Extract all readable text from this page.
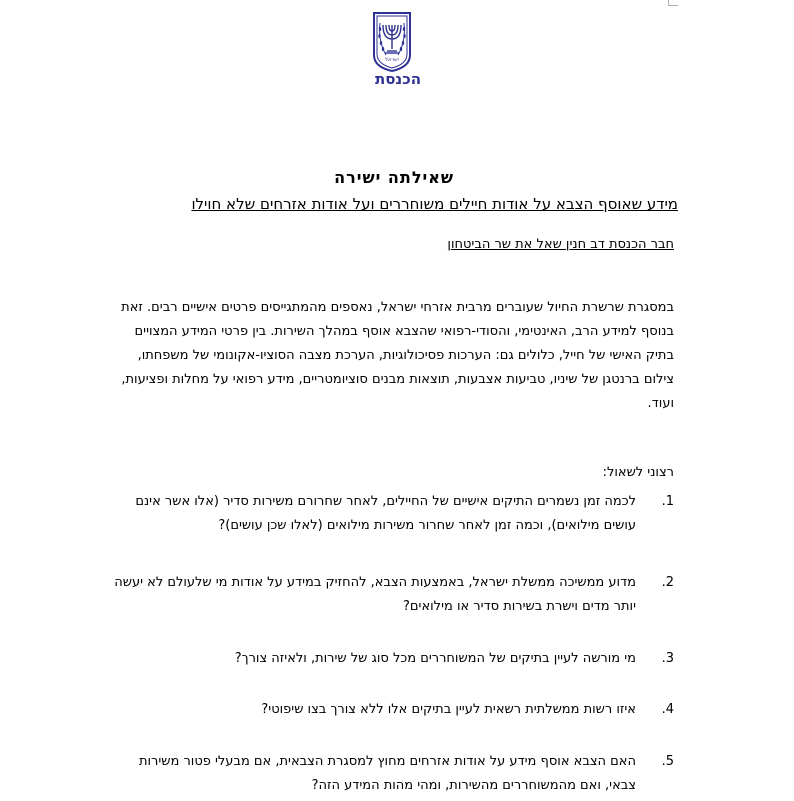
ישראל
הכנסת
שאילתה ישירה
מידע שאוסף הצבא על אודות חיילים משוחררים ועל אודות אזרחים שלא חוילו
חבר הכנסת דב חנין שאל את שר הביטחון
במסגרת שרשרת החיול שעוברים מרבית אזרחי ישראל, נאספים מהמתגייסים פרטים אישיים רבים. זאת בנוסף למידע הרב, האינטימי, והסודי-רפואי שהצבא אוסף במהלך השירות. בין פרטי המידע המצויים בתיק האישי של חייל, כלולים גם: הערכות פסיכולוגיות, הערכת מצבה הסוציו-אקונומי של משפחתו, צילום ברנטגן של שיניו, טביעות אצבעות, תוצאות מבנים סוציומטריים, מידע רפואי על מחלות ופציעות, ועוד.
רצוני לשאול:
1.
לכמה זמן נשמרים התיקים אישיים של החיילים, לאחר שחרורם משירות סדיר (אלו אשר אינם עושים מילואים), וכמה זמן לאחר שחרור משירות מילואים (לאלו שכן עושים)?
2.
מדוע ממשיכה ממשלת ישראל, באמצעות הצבא, להחזיק במידע על אודות מי שלעולם לא יעשה יותר מדים וישרת בשירות סדיר או מילואים?
3.
מי מורשה לעיין בתיקים של המשוחררים מכל סוג של שירות, ולאיזה צורך?
4.
איזו רשות ממשלתית רשאית לעיין בתיקים אלו ללא צורך בצו שיפוטי?
5.
האם הצבא אוסף מידע על אודות אזרחים מחוץ למסגרת הצבאית, אם מבעלי פטור משירות צבאי, ואם מהמשוחררים מהשירות, ומהי מהות המידע הזה?
